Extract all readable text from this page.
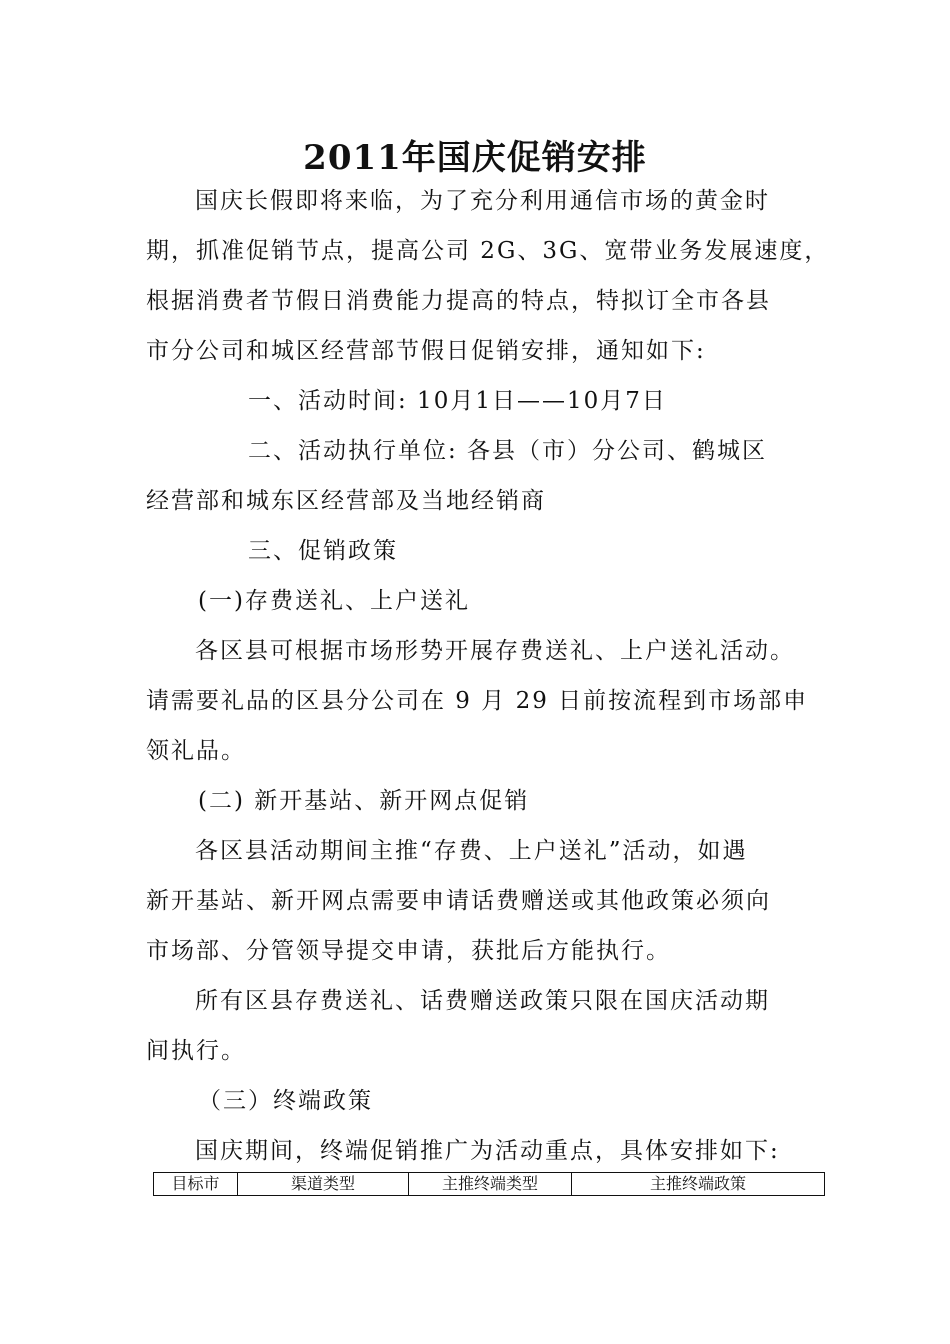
2011年国庆促销安排
国庆长假即将来临，为了充分利用通信市场的黄金时
期，抓准促销节点，提高公司 2G、3G、宽带业务发展速度，
根据消费者节假日消费能力提高的特点，特拟订全市各县
市分公司和城区经营部节假日促销安排，通知如下:
一、活动时间: 10月1日——10月7日
二、活动执行单位: 各县（市）分公司、鹤城区
经营部和城东区经营部及当地经销商
三、促销政策
(一)存费送礼、上户送礼
各区县可根据市场形势开展存费送礼、上户送礼活动。
请需要礼品的区县分公司在 9 月 29 日前按流程到市场部申
领礼品。
(二) 新开基站、新开网点促销
各区县活动期间主推“存费、上户送礼”活动，如遇
新开基站、新开网点需要申请话费赠送或其他政策必须向
市场部、分管领导提交申请，获批后方能执行。
所有区县存费送礼、话费赠送政策只限在国庆活动期
间执行。
（三）终端政策
国庆期间，终端促销推广为活动重点，具体安排如下:
目标市	渠道类型	主推终端类型	主推终端政策
